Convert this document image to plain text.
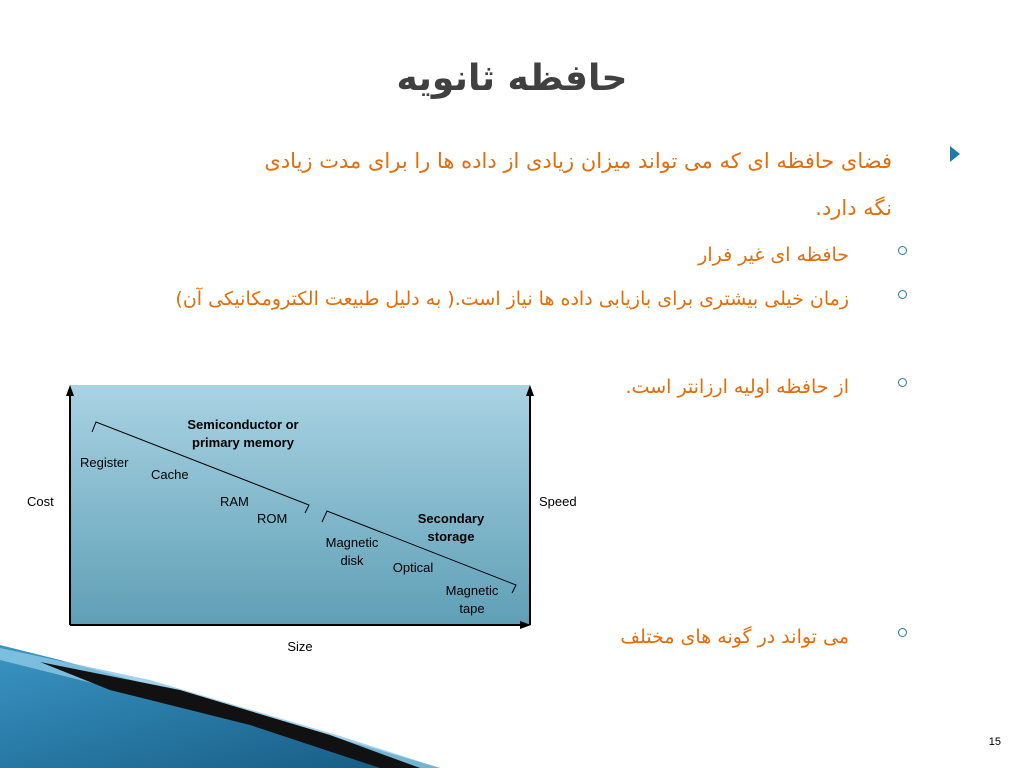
حافظه ثانویه
فضای حافظه ای که می تواند میزان زیادی از داده ها را برای مدت زیادی نگه دارد.
حافظه ای غیر فرار
زمان خیلی بیشتری برای بازیابی داده ها نیاز است.( به دلیل طبیعت الکترومکانیکی آن)
از حافظه اولیه ارزانتر است.
می تواند در گونه های مختلف
Cost	Speed
Size
Semiconductor or
primary memory
Secondary
storage
Register
Cache
RAM
ROM
Magnetic
disk Optical
Magnetic
tape
15
